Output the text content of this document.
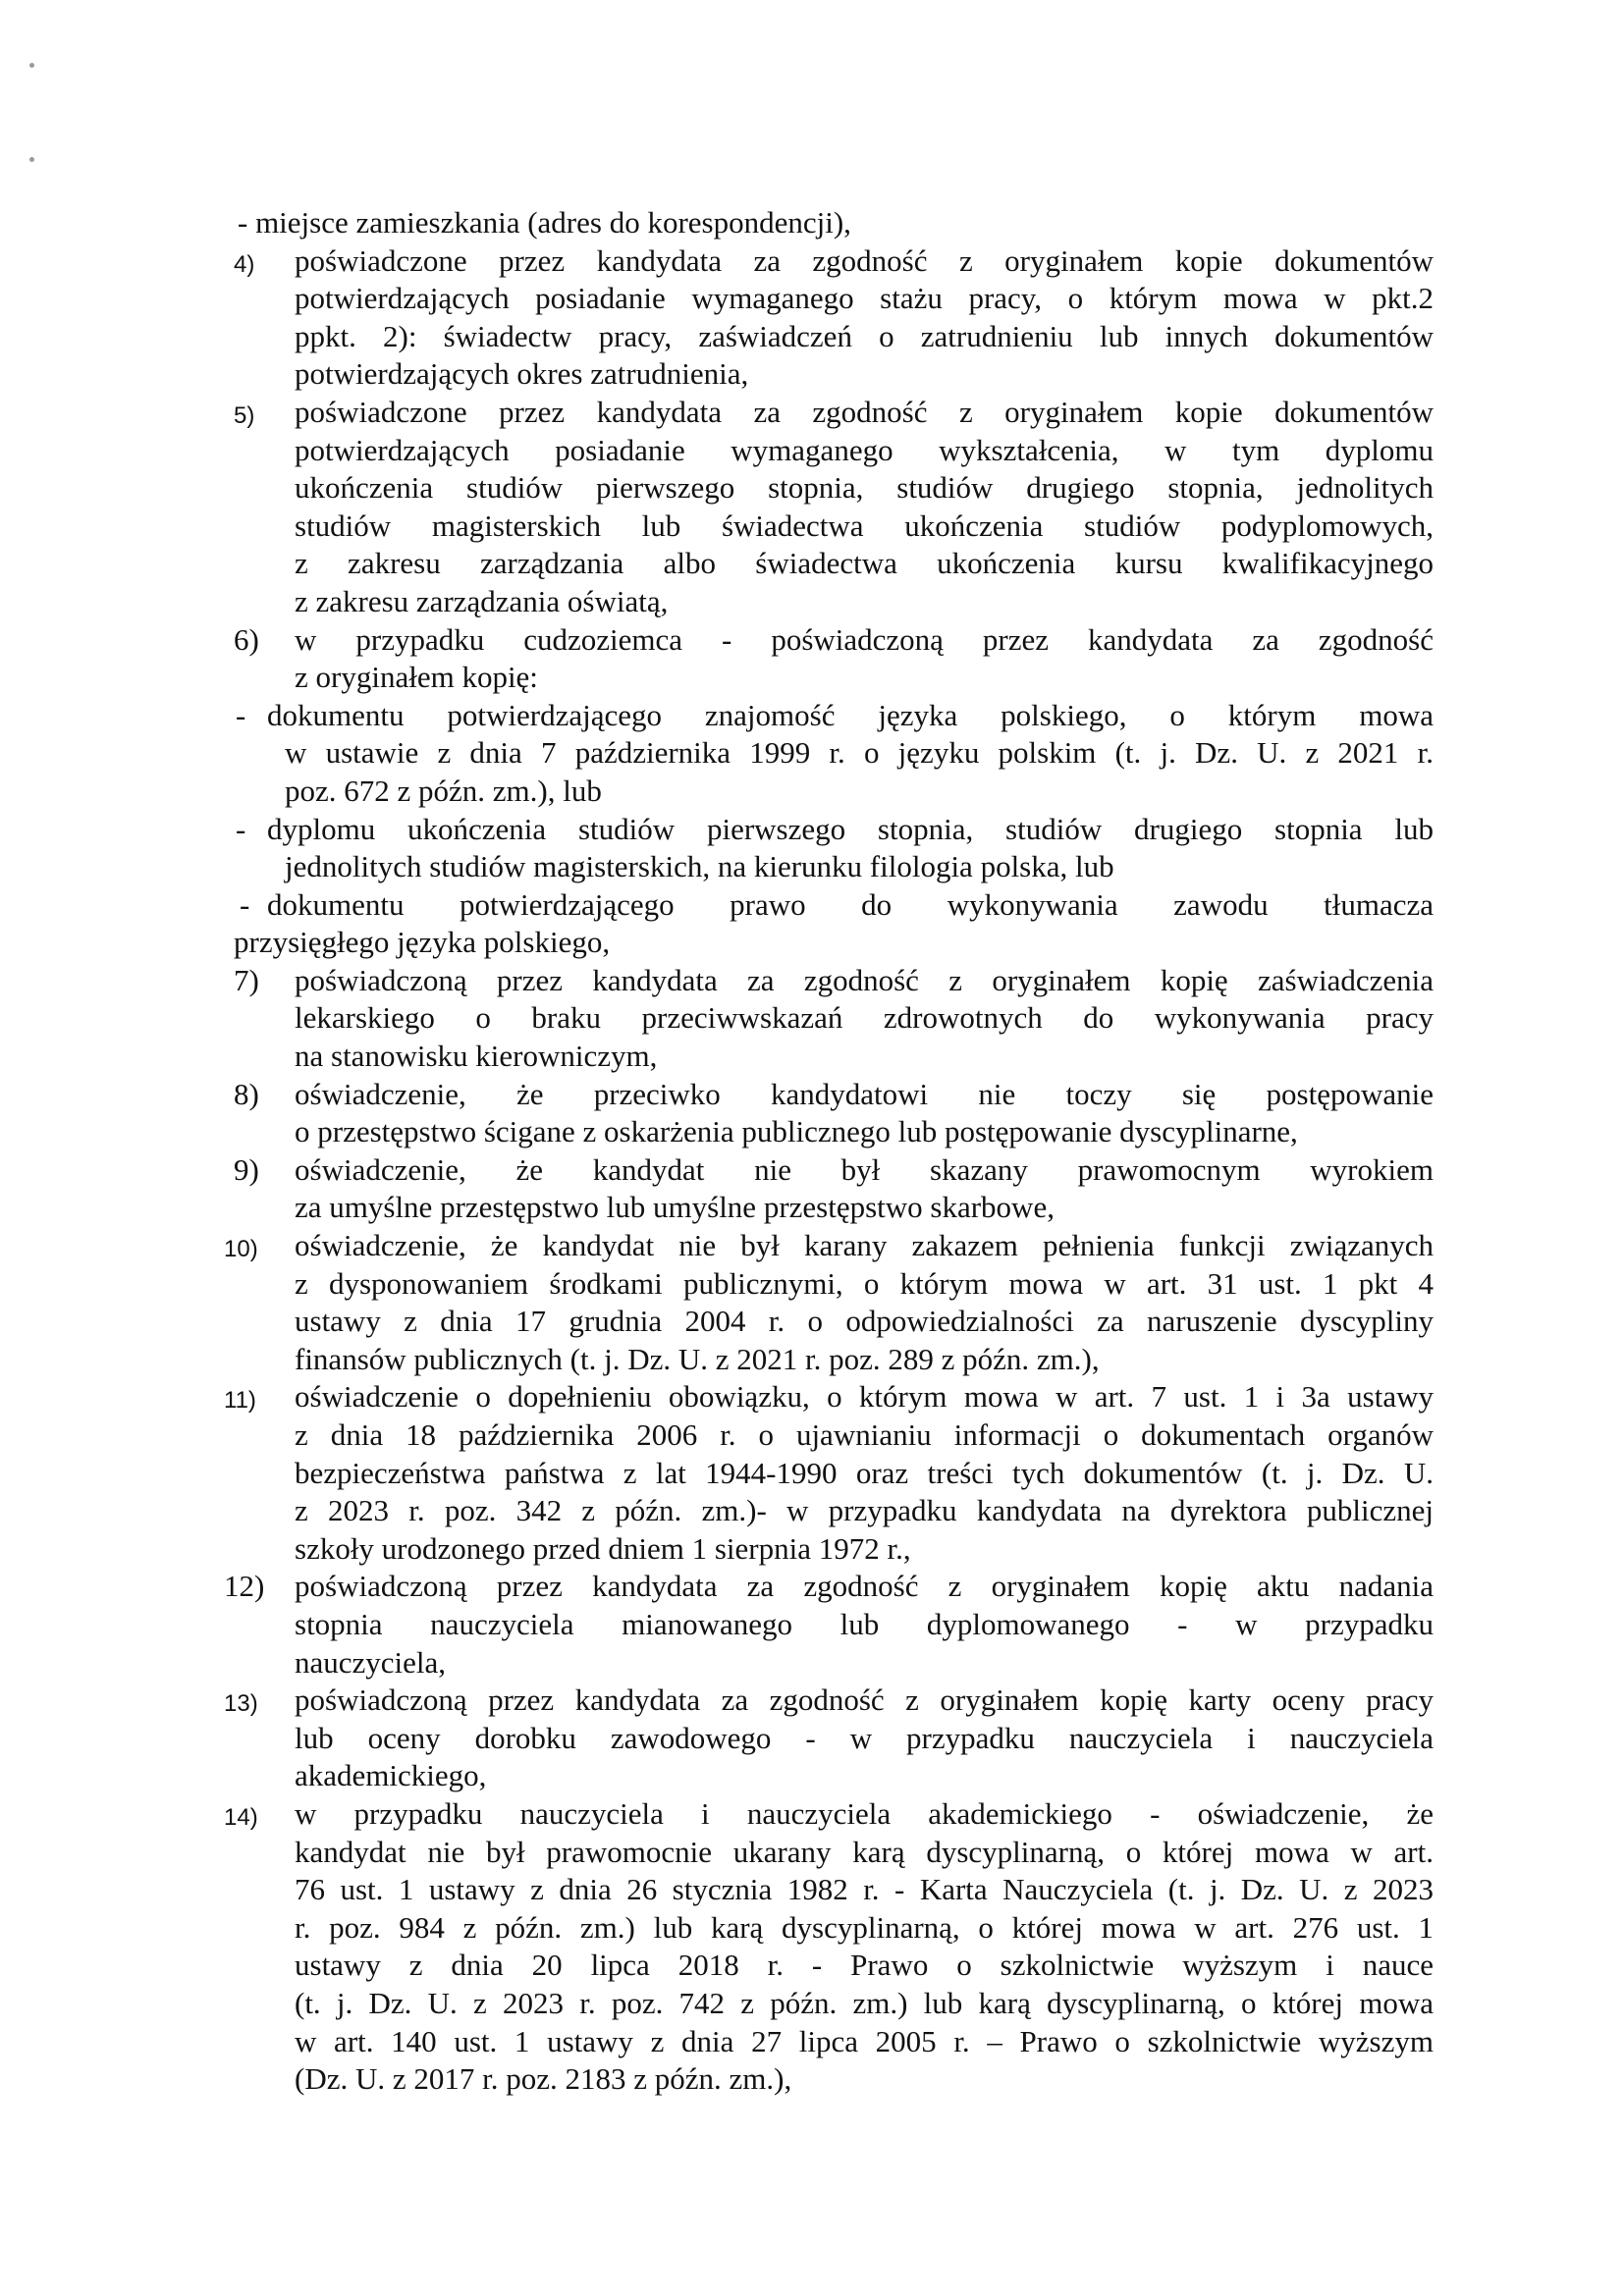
- miejsce zamieszkania (adres do korespondencji),
4) poświadczone przez kandydata za zgodność z oryginałem kopie dokumentów
potwierdzających posiadanie wymaganego stażu pracy, o którym mowa w pkt.2
ppkt. 2): świadectw pracy, zaświadczeń o zatrudnieniu lub innych dokumentów
potwierdzających okres zatrudnienia,
5) poświadczone przez kandydata za zgodność z oryginałem kopie dokumentów
potwierdzających posiadanie wymaganego wykształcenia, w tym dyplomu
ukończenia studiów pierwszego stopnia, studiów drugiego stopnia, jednolitych
studiów magisterskich lub świadectwa ukończenia studiów podyplomowych,
z zakresu zarządzania albo świadectwa ukończenia kursu kwalifikacyjnego
z zakresu zarządzania oświatą,
6) w przypadku cudzoziemca - poświadczoną przez kandydata za zgodność
z oryginałem kopię:
- dokumentu potwierdzającego znajomość języka polskiego, o którym mowa
w ustawie z dnia 7 października 1999 r. o języku polskim (t. j. Dz. U. z 2021 r.
poz. 672 z późn. zm.), lub
- dyplomu ukończenia studiów pierwszego stopnia, studiów drugiego stopnia lub
jednolitych studiów magisterskich, na kierunku filologia polska, lub
- dokumentu potwierdzającego prawo do wykonywania zawodu tłumacza
przysięgłego języka polskiego,
7) poświadczoną przez kandydata za zgodność z oryginałem kopię zaświadczenia
lekarskiego o braku przeciwwskazań zdrowotnych do wykonywania pracy
na stanowisku kierowniczym,
8) oświadczenie, że przeciwko kandydatowi nie toczy się postępowanie
o przestępstwo ścigane z oskarżenia publicznego lub postępowanie dyscyplinarne,
9) oświadczenie, że kandydat nie był skazany prawomocnym wyrokiem
za umyślne przestępstwo lub umyślne przestępstwo skarbowe,
10) oświadczenie, że kandydat nie był karany zakazem pełnienia funkcji związanych
z dysponowaniem środkami publicznymi, o którym mowa w art. 31 ust. 1 pkt 4
ustawy z dnia 17 grudnia 2004 r. o odpowiedzialności za naruszenie dyscypliny
finansów publicznych (t. j. Dz. U. z 2021 r. poz. 289 z późn. zm.),
11) oświadczenie o dopełnieniu obowiązku, o którym mowa w art. 7 ust. 1 i 3a ustawy
z dnia 18 października 2006 r. o ujawnianiu informacji o dokumentach organów
bezpieczeństwa państwa z lat 1944-1990 oraz treści tych dokumentów (t. j. Dz. U.
z 2023 r. poz. 342 z późn. zm.)- w przypadku kandydata na dyrektora publicznej
szkoły urodzonego przed dniem 1 sierpnia 1972 r.,
12) poświadczoną przez kandydata za zgodność z oryginałem kopię aktu nadania
stopnia nauczyciela mianowanego lub dyplomowanego - w przypadku
nauczyciela,
13) poświadczoną przez kandydata za zgodność z oryginałem kopię karty oceny pracy
lub oceny dorobku zawodowego - w przypadku nauczyciela i nauczyciela
akademickiego,
14) w przypadku nauczyciela i nauczyciela akademickiego - oświadczenie, że
kandydat nie był prawomocnie ukarany karą dyscyplinarną, o której mowa w art.
76 ust. 1 ustawy z dnia 26 stycznia 1982 r. - Karta Nauczyciela (t. j. Dz. U. z 2023
r. poz. 984 z późn. zm.) lub karą dyscyplinarną, o której mowa w art. 276 ust. 1
ustawy z dnia 20 lipca 2018 r. - Prawo o szkolnictwie wyższym i nauce
(t. j. Dz. U. z 2023 r. poz. 742 z późn. zm.) lub karą dyscyplinarną, o której mowa
w art. 140 ust. 1 ustawy z dnia 27 lipca 2005 r. – Prawo o szkolnictwie wyższym
(Dz. U. z 2017 r. poz. 2183 z późn. zm.),
